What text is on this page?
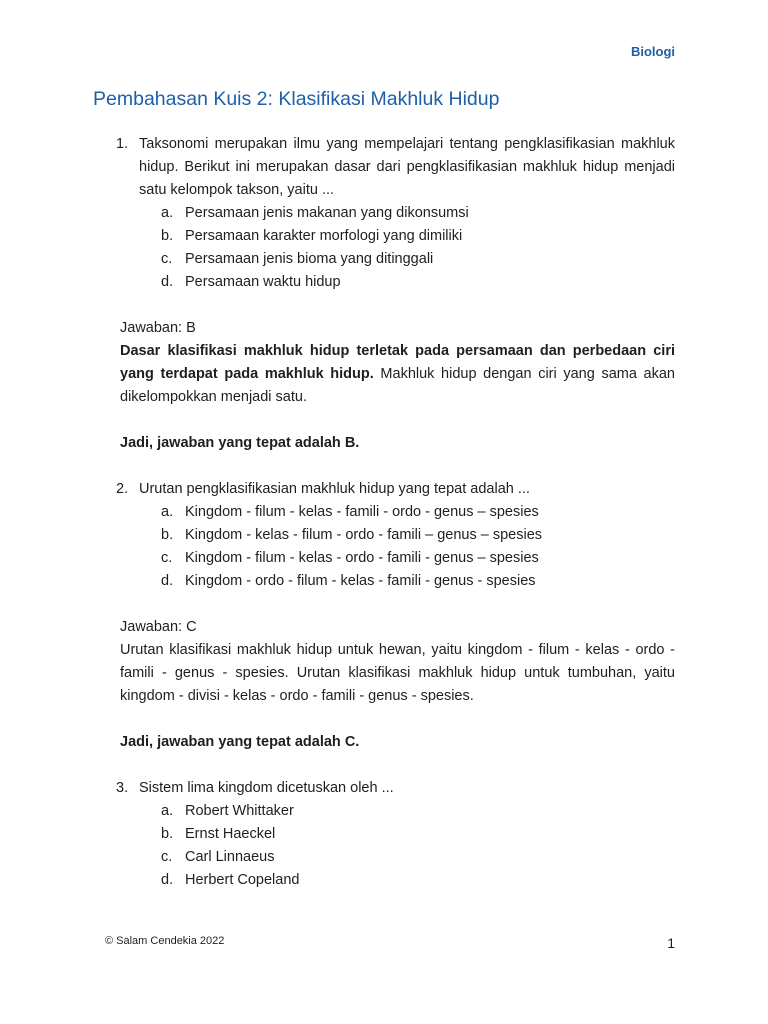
Biologi
Pembahasan Kuis 2: Klasifikasi Makhluk Hidup
1. Taksonomi merupakan ilmu yang mempelajari tentang pengklasifikasian makhluk hidup. Berikut ini merupakan dasar dari pengklasifikasian makhluk hidup menjadi satu kelompok takson, yaitu ...
a. Persamaan jenis makanan yang dikonsumsi
b. Persamaan karakter morfologi yang dimiliki
c. Persamaan jenis bioma yang ditinggali
d. Persamaan waktu hidup
Jawaban: B
Dasar klasifikasi makhluk hidup terletak pada persamaan dan perbedaan ciri yang terdapat pada makhluk hidup. Makhluk hidup dengan ciri yang sama akan dikelompokkan menjadi satu.
Jadi, jawaban yang tepat adalah B.
2. Urutan pengklasifikasian makhluk hidup yang tepat adalah ...
a. Kingdom - filum - kelas - famili - ordo - genus – spesies
b. Kingdom - kelas - filum - ordo - famili – genus – spesies
c. Kingdom - filum - kelas - ordo - famili - genus – spesies
d. Kingdom - ordo - filum - kelas - famili - genus - spesies
Jawaban: C
Urutan klasifikasi makhluk hidup untuk hewan, yaitu kingdom - filum - kelas - ordo - famili - genus - spesies. Urutan klasifikasi makhluk hidup untuk tumbuhan, yaitu kingdom - divisi - kelas - ordo - famili - genus - spesies.
Jadi, jawaban yang tepat adalah C.
3. Sistem lima kingdom dicetuskan oleh ...
a. Robert Whittaker
b. Ernst Haeckel
c. Carl Linnaeus
d. Herbert Copeland
© Salam Cendekia 2022	1
